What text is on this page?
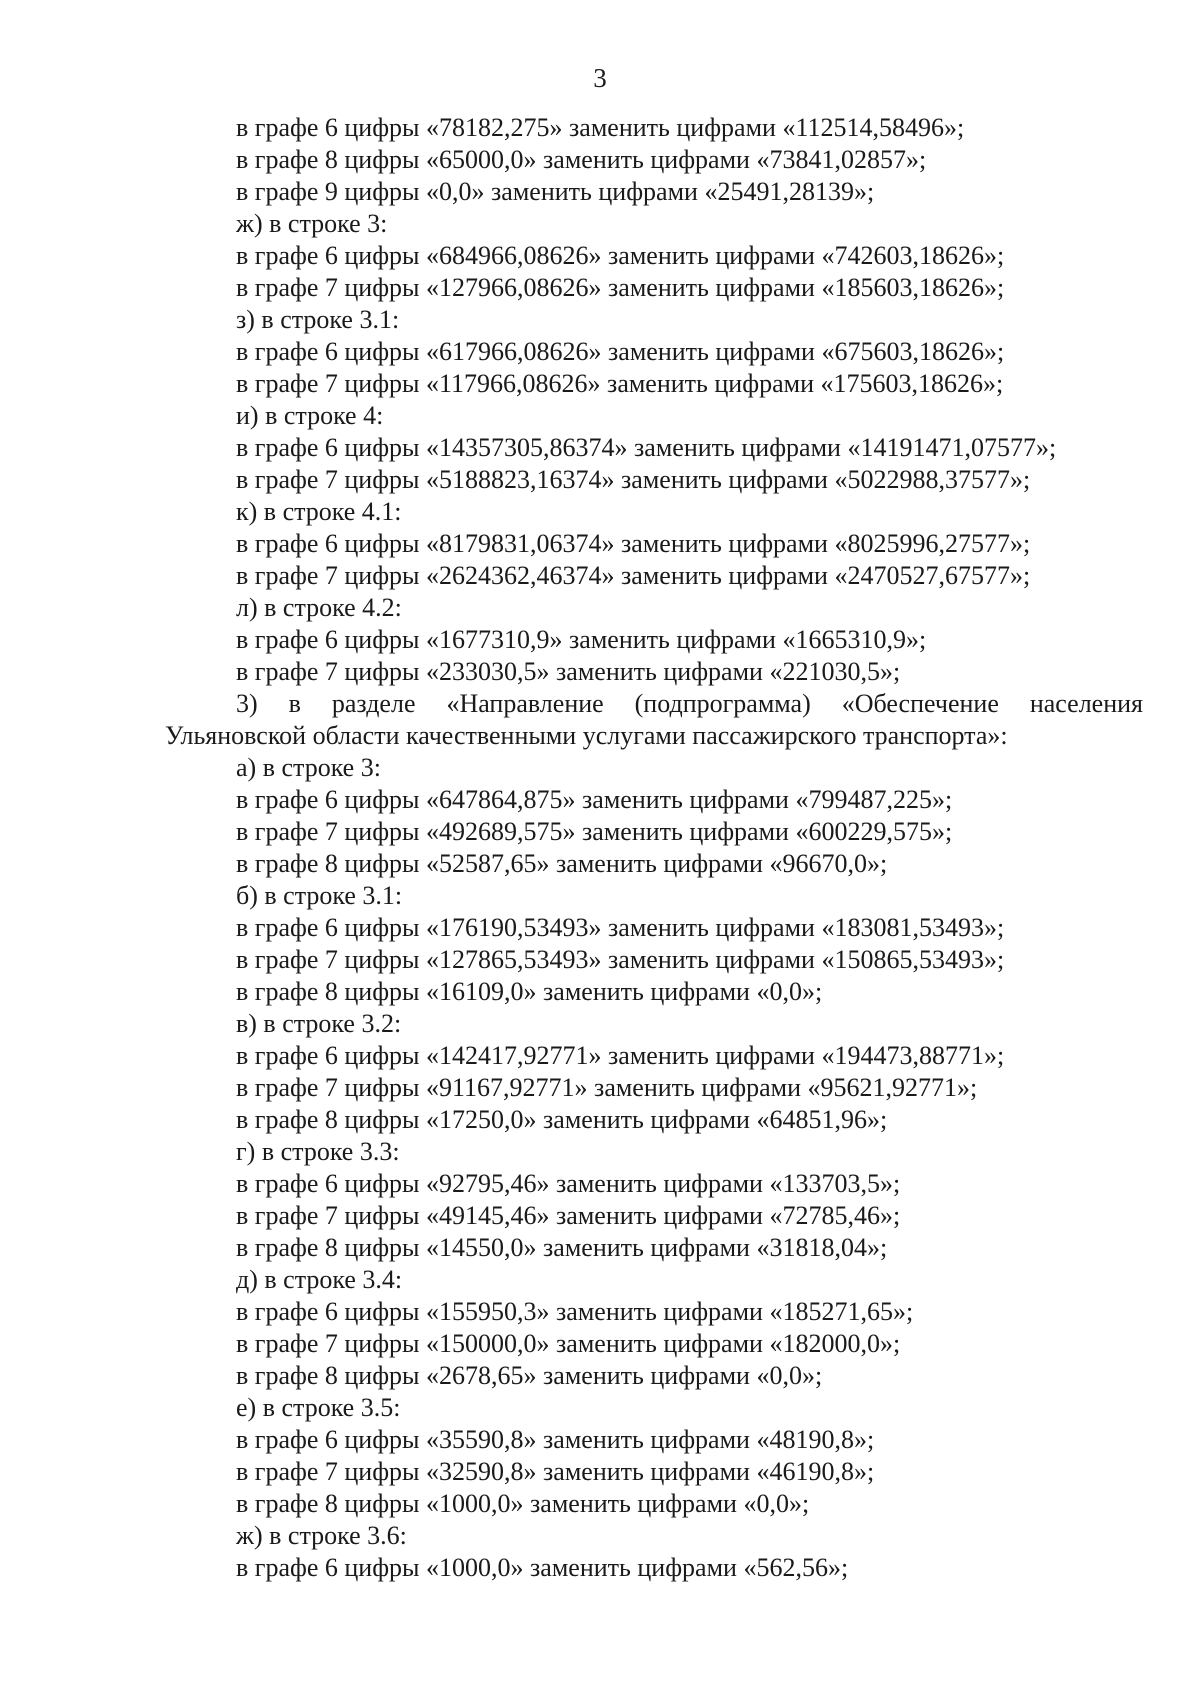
3
в графе 6 цифры «78182,275» заменить цифрами «112514,58496»;
в графе 8 цифры «65000,0» заменить цифрами «73841,02857»;
в графе 9 цифры «0,0» заменить цифрами «25491,28139»;
ж) в строке 3:
в графе 6 цифры «684966,08626» заменить цифрами «742603,18626»;
в графе 7 цифры «127966,08626» заменить цифрами «185603,18626»;
з) в строке 3.1:
в графе 6 цифры «617966,08626» заменить цифрами «675603,18626»;
в графе 7 цифры «117966,08626» заменить цифрами «175603,18626»;
и) в строке 4:
в графе 6 цифры «14357305,86374» заменить цифрами «14191471,07577»;
в графе 7 цифры «5188823,16374» заменить цифрами «5022988,37577»;
к) в строке 4.1:
в графе 6 цифры «8179831,06374» заменить цифрами «8025996,27577»;
в графе 7 цифры «2624362,46374» заменить цифрами «2470527,67577»;
л) в строке 4.2:
в графе 6 цифры «1677310,9» заменить цифрами «1665310,9»;
в графе 7 цифры «233030,5» заменить цифрами «221030,5»;
3) в разделе «Направление (подпрограмма) «Обеспечение населения
Ульяновской области качественными услугами пассажирского транспорта»:
а) в строке 3:
в графе 6 цифры «647864,875» заменить цифрами «799487,225»;
в графе 7 цифры «492689,575» заменить цифрами «600229,575»;
в графе 8 цифры «52587,65» заменить цифрами «96670,0»;
б) в строке 3.1:
в графе 6 цифры «176190,53493» заменить цифрами «183081,53493»;
в графе 7 цифры «127865,53493» заменить цифрами «150865,53493»;
в графе 8 цифры «16109,0» заменить цифрами «0,0»;
в) в строке 3.2:
в графе 6 цифры «142417,92771» заменить цифрами «194473,88771»;
в графе 7 цифры «91167,92771» заменить цифрами «95621,92771»;
в графе 8 цифры «17250,0» заменить цифрами «64851,96»;
г) в строке 3.3:
в графе 6 цифры «92795,46» заменить цифрами «133703,5»;
в графе 7 цифры «49145,46» заменить цифрами «72785,46»;
в графе 8 цифры «14550,0» заменить цифрами «31818,04»;
д) в строке 3.4:
в графе 6 цифры «155950,3» заменить цифрами «185271,65»;
в графе 7 цифры «150000,0» заменить цифрами «182000,0»;
в графе 8 цифры «2678,65» заменить цифрами «0,0»;
е) в строке 3.5:
в графе 6 цифры «35590,8» заменить цифрами «48190,8»;
в графе 7 цифры «32590,8» заменить цифрами «46190,8»;
в графе 8 цифры «1000,0» заменить цифрами «0,0»;
ж) в строке 3.6:
в графе 6 цифры «1000,0» заменить цифрами «562,56»;
